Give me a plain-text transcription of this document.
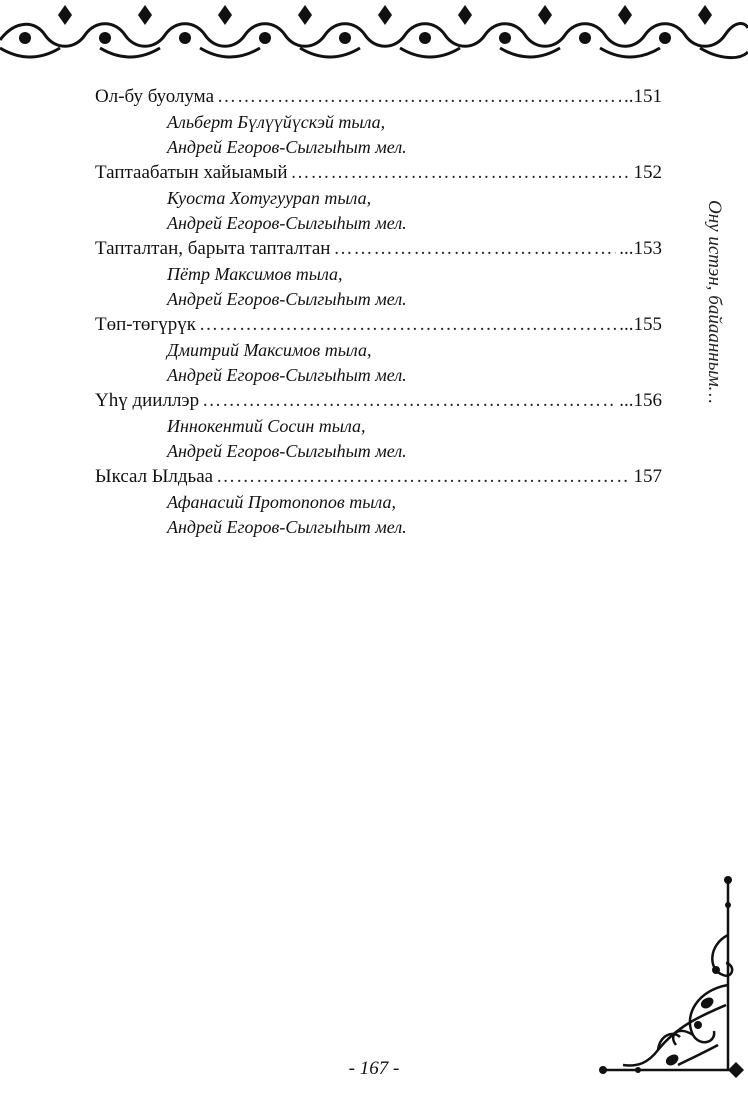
Ол-бу буолума ………………………………………………………………………………………………………………………………	..151
Альберт Бүлүүйүскэй тыла,
Андрей Егоров-Сылгыһыт мел.
Таптаабатын хайыамый ………………………………………………………………………………………………………………………………	152
Куоста Хотугуурап тыла,
Андрей Егоров-Сылгыһыт мел.
Тапталтан, барыта тапталтан ………………………………………………………………………………………………………………………………	...153
Пётр Максимов тыла,
Андрей Егоров-Сылгыһыт мел.
Төп-төгүрүк ………………………………………………………………………………………………………………………………	...155
Дмитрий Максимов тыла,
Андрей Егоров-Сылгыһыт мел.
Үһү дииллэр ………………………………………………………………………………………………………………………………	...156
Иннокентий Сосин тыла,
Андрей Егоров-Сылгыһыт мел.
Ыксал Ылдьаа ………………………………………………………………………………………………………………………………	157
Афанасий Протопопов тыла,
Андрей Егоров-Сылгыһыт мел.
Ону истэн, байаанным…
- 167 -
